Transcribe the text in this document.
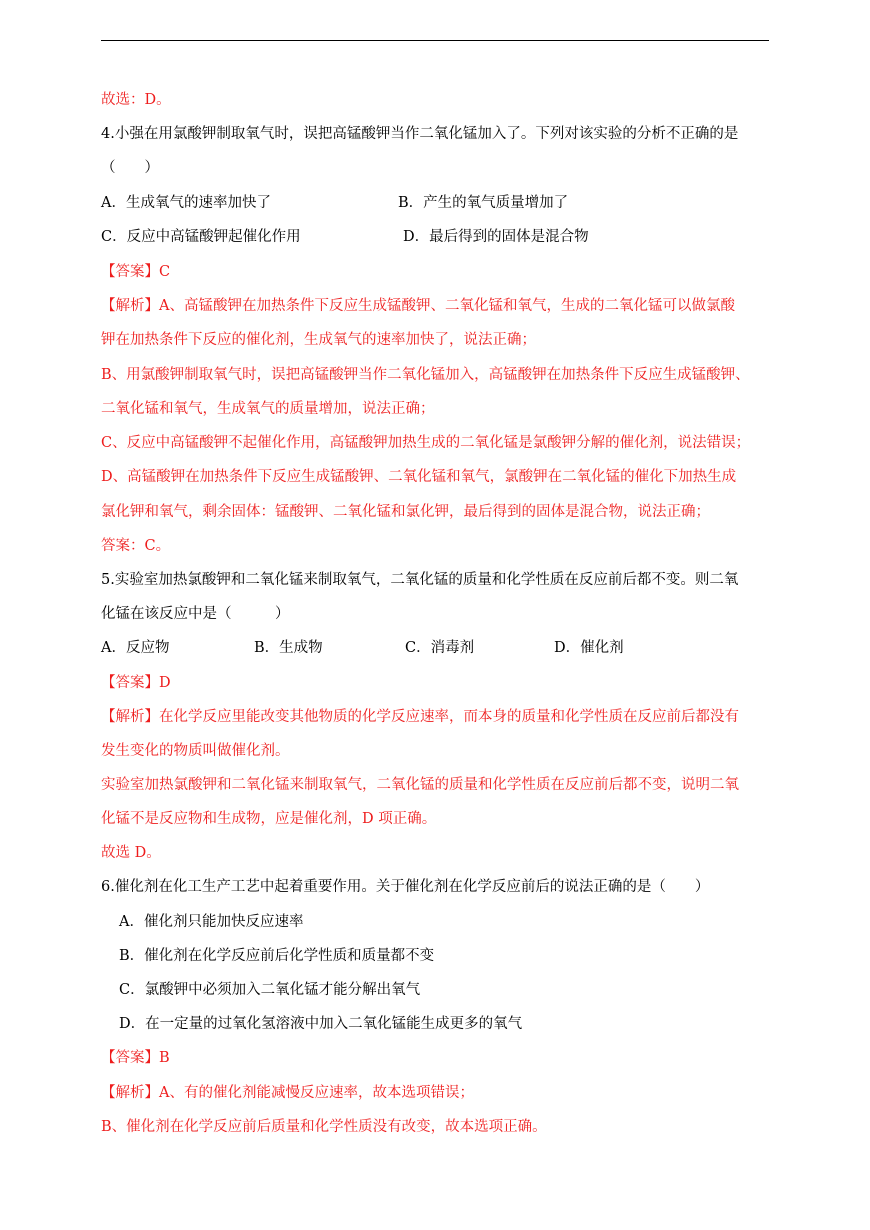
故选：D。
4.小强在用氯酸钾制取氧气时，误把高锰酸钾当作二氧化锰加入了。下列对该实验的分析不正确的是
（　　）
A．生成氧气的速率加快了	B．产生的氧气质量增加了
C．反应中高锰酸钾起催化作用	D．最后得到的固体是混合物
【答案】C
【解析】A、高锰酸钾在加热条件下反应生成锰酸钾、二氧化锰和氧气，生成的二氧化锰可以做氯酸
钾在加热条件下反应的催化剂，生成氧气的速率加快了，说法正确；
B、用氯酸钾制取氧气时，误把高锰酸钾当作二氧化锰加入，高锰酸钾在加热条件下反应生成锰酸钾、
二氧化锰和氧气，生成氧气的质量增加，说法正确；
C、反应中高锰酸钾不起催化作用，高锰酸钾加热生成的二氧化锰是氯酸钾分解的催化剂，说法错误；
D、高锰酸钾在加热条件下反应生成锰酸钾、二氧化锰和氧气，氯酸钾在二氧化锰的催化下加热生成
氯化钾和氧气，剩余固体：锰酸钾、二氧化锰和氯化钾，最后得到的固体是混合物，说法正确；
答案：C。
5.实验室加热氯酸钾和二氧化锰来制取氧气，二氧化锰的质量和化学性质在反应前后都不变。则二氧
化锰在该反应中是（　　　）
A．反应物	B．生成物	C．消毒剂	D．催化剂
【答案】D
【解析】在化学反应里能改变其他物质的化学反应速率，而本身的质量和化学性质在反应前后都没有
发生变化的物质叫做催化剂。
实验室加热氯酸钾和二氧化锰来制取氧气，二氧化锰的质量和化学性质在反应前后都不变，说明二氧
化锰不是反应物和生成物，应是催化剂，D 项正确。
故选 D。
6.催化剂在化工生产工艺中起着重要作用。关于催化剂在化学反应前后的说法正确的是（　　）
A．催化剂只能加快反应速率
B．催化剂在化学反应前后化学性质和质量都不变
C．氯酸钾中必须加入二氧化锰才能分解出氧气
D．在一定量的过氧化氢溶液中加入二氧化锰能生成更多的氧气
【答案】B
【解析】A、有的催化剂能减慢反应速率，故本选项错误；
B、催化剂在化学反应前后质量和化学性质没有改变，故本选项正确。
